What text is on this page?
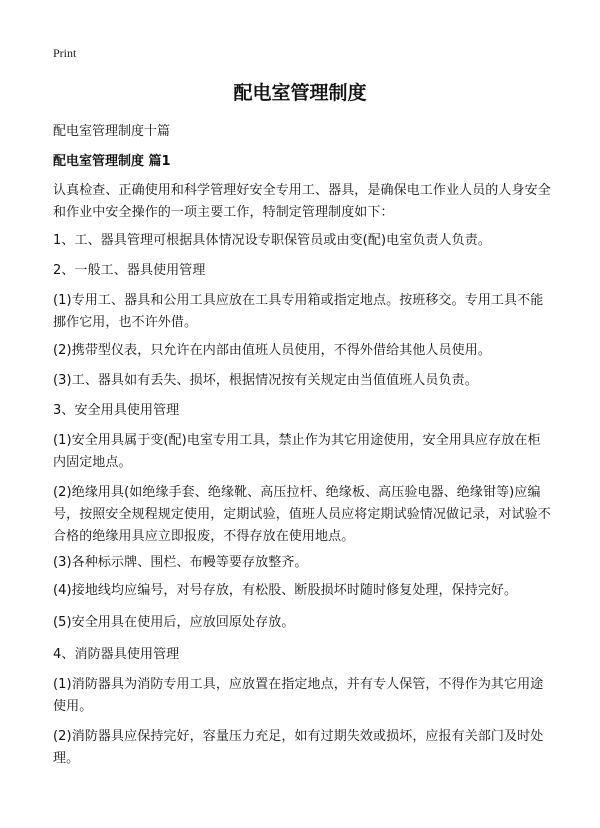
Print
配电室管理制度
配电室管理制度十篇
配电室管理制度 篇1
认真检查、正确使用和科学管理好安全专用工、器具，是确保电工作业人员的人身安全和作业中安全操作的一项主要工作，特制定管理制度如下：
1、工、器具管理可根据具体情况设专职保管员或由变(配)电室负责人负责。
2、一般工、器具使用管理
(1)专用工、器具和公用工具应放在工具专用箱或指定地点。按班移交。专用工具不能挪作它用，也不许外借。
(2)携带型仪表，只允许在内部由值班人员使用，不得外借给其他人员使用。
(3)工、器具如有丢失、损坏，根据情况按有关规定由当值值班人员负责。
3、安全用具使用管理
(1)安全用具属于变(配)电室专用工具，禁止作为其它用途使用，安全用具应存放在柜内固定地点。
(2)绝缘用具(如绝缘手套、绝缘靴、高压拉杆、绝缘板、高压验电器、绝缘钳等)应编号，按照安全规程规定使用，定期试验，值班人员应将定期试验情况做记录，对试验不合格的绝缘用具应立即报废，不得存放在使用地点。
(3)各种标示牌、围栏、布幔等要存放整齐。
(4)接地线均应编号，对号存放，有松股、断股损坏时随时修复处理，保持完好。
(5)安全用具在使用后，应放回原处存放。
4、消防器具使用管理
(1)消防器具为消防专用工具，应放置在指定地点，并有专人保管，不得作为其它用途使用。
(2)消防器具应保持完好，容量压力充足，如有过期失效或损坏，应报有关部门及时处理。
